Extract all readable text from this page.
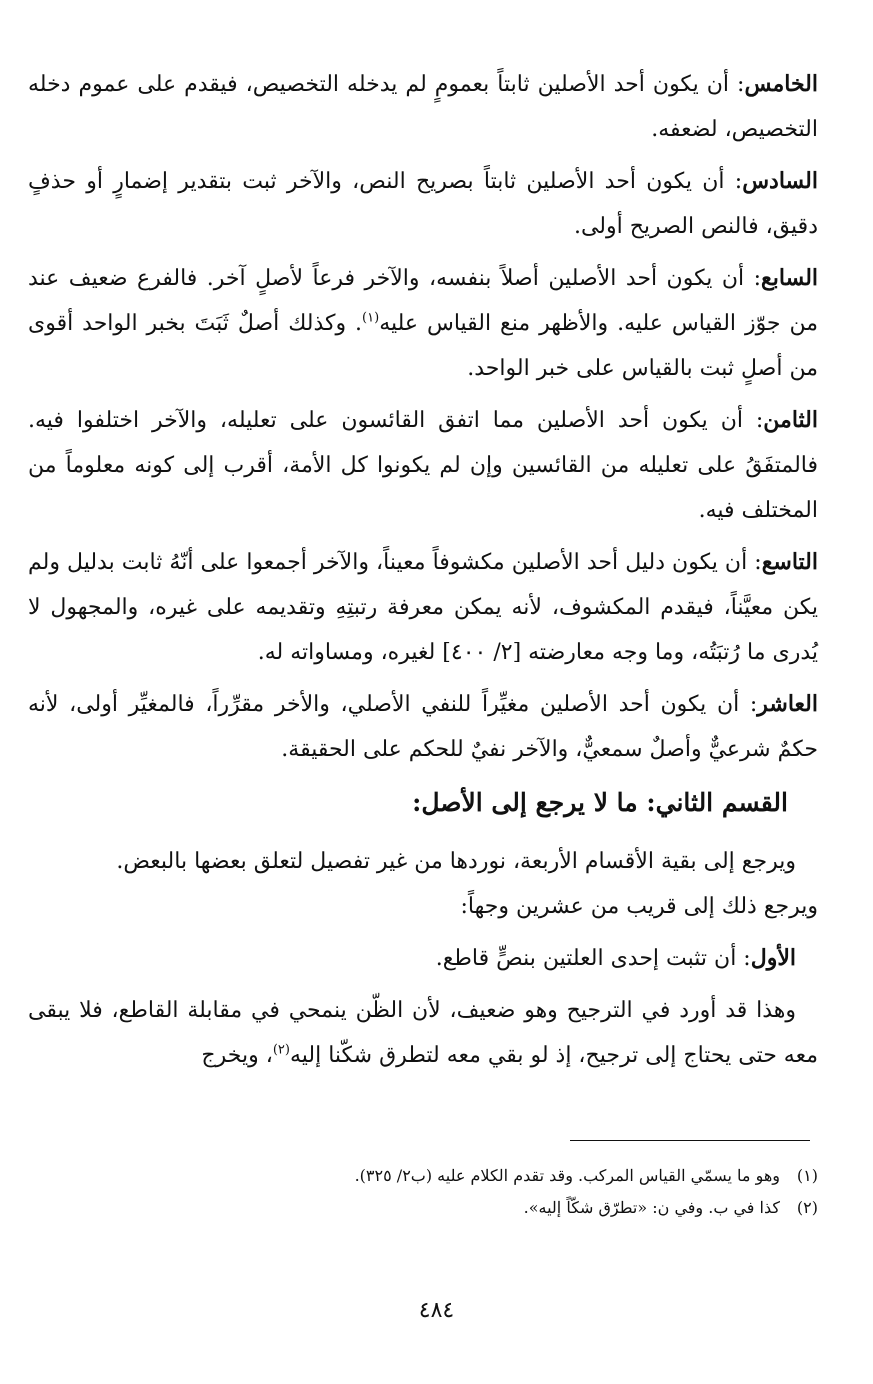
الخامس: أن يكون أحد الأصلين ثابتاً بعمومٍ لم يدخله التخصيص، فيقدم على عموم دخله التخصيص، لضعفه.

السادس: أن يكون أحد الأصلين ثابتاً بصريح النص، والآخر ثبت بتقدير إضمارٍ أو حذفٍ دقيق، فالنص الصريح أولى.

السابع: أن يكون أحد الأصلين أصلاً بنفسه، والآخر فرعاً لأصلٍ آخر. فالفرع ضعيف عند من جوّز القياس عليه. والأظهر منع القياس عليه$^{(١)}$. وكذلك أصلٌ ثَبَتَ بخبر الواحد أقوى من أصلٍ ثبت بالقياس على خبر الواحد.

الثامن: أن يكون أحد الأصلين مما اتفق القائسون على تعليله، والآخر اختلفوا فيه. فالمتفَقُ على تعليله من القائسين وإن لم يكونوا كل الأمة، أقرب إلى كونه معلوماً من المختلف فيه.

التاسع: أن يكون دليل أحد الأصلين مكشوفاً معيناً، والآخر أجمعوا على أنّهُ ثابت بدليل ولم يكن معيَّناً، فيقدم المكشوف، لأنه يمكن معرفة رتبتِهِ وتقديمه على غيره، والمجهول لا يُدرى ما رُتبَتُه، وما وجه معارضته [٢/ ٤٠٠] لغيره، ومساواته له.

العاشر: أن يكون أحد الأصلين مغيِّراً للنفي الأصلي، والأخر مقرِّراً، فالمغيِّر أولى، لأنه حكمٌ شرعيٌّ وأصلٌ سمعيٌّ، والآخر نفيٌ للحكم على الحقيقة.

القسم الثاني: ما لا يرجع إلى الأصل:

ويرجع إلى بقية الأقسام الأربعة، نوردها من غير تفصيل لتعلق بعضها بالبعض.

ويرجع ذلك إلى قريب من عشرين وجهاً:

الأول: أن تثبت إحدى العلتين بنصٍّ قاطع.

وهذا قد أورد في الترجيح وهو ضعيف، لأن الظّن ينمحي في مقابلة القاطع، فلا يبقى معه حتى يحتاج إلى ترجيح، إذ لو بقي معه لتطرق شكّنا إليه$^{(٢)}$، ويخرج

(١)وهو ما يسمّي القياس المركب. وقد تقدم الكلام عليه (ب٢/ ٣٢٥).
(٢)كذا في ب. وفي ن: «تطرّق شكّاً إليه».
٤٨٤
